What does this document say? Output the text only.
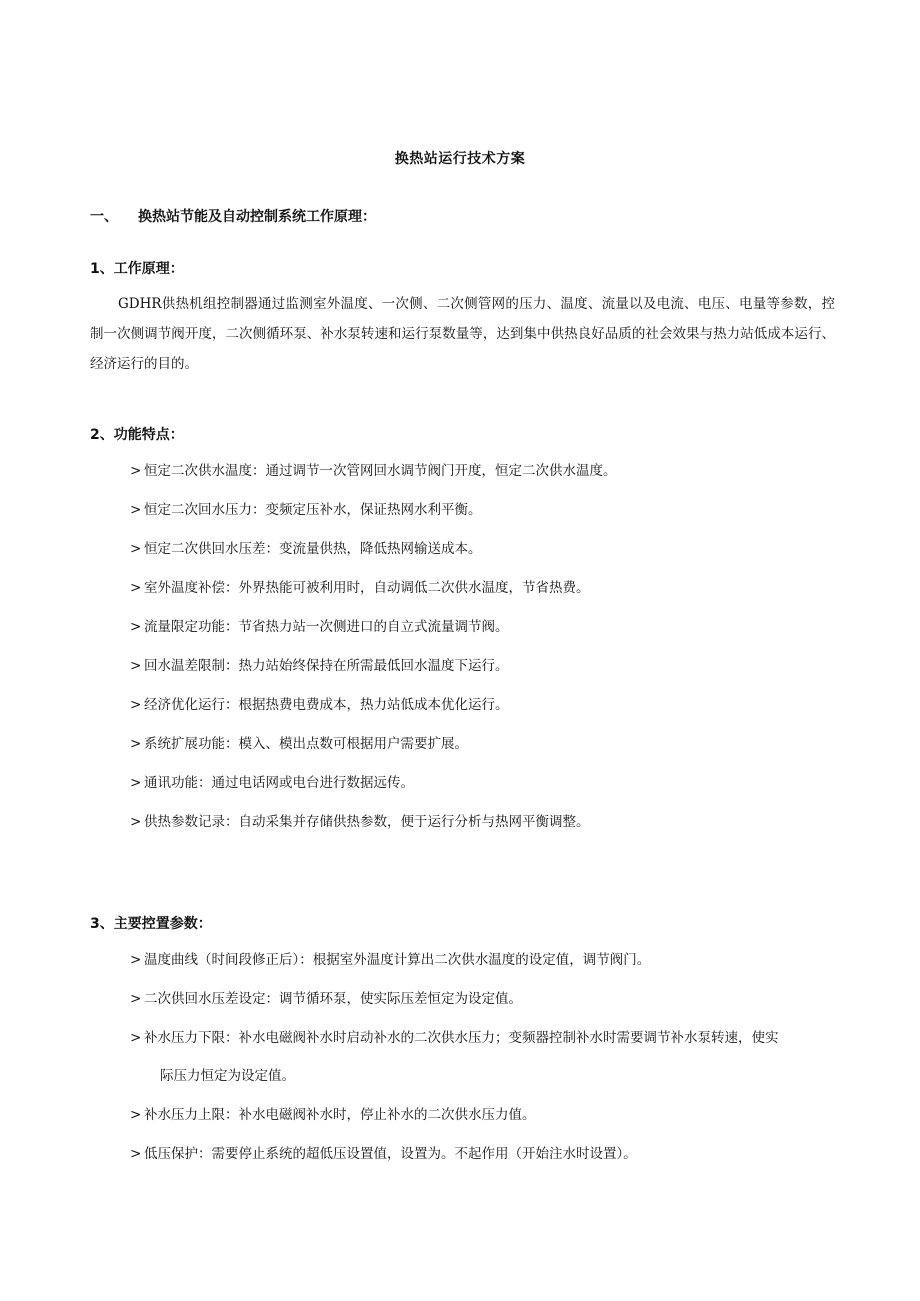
换热站运行技术方案
一、 换热站节能及自动控制系统工作原理：
1、工作原理：
GDHR供热机组控制器通过监测室外温度、一次侧、二次侧管网的压力、温度、流量以及电流、电压、电量等参数，控制一次侧调节阀开度，二次侧循环泵、补水泵转速和运行泵数量等，达到集中供热良好品质的社会效果与热力站低成本运行、经济运行的目的。
2、功能特点：
> 恒定二次供水温度：通过调节一次管网回水调节阀门开度，恒定二次供水温度。
> 恒定二次回水压力：变频定压补水，保证热网水利平衡。
> 恒定二次供回水压差：变流量供热，降低热网输送成本。
> 室外温度补偿：外界热能可被利用时，自动调低二次供水温度，节省热费。
> 流量限定功能：节省热力站一次侧进口的自立式流量调节阀。
> 回水温差限制：热力站始终保持在所需最低回水温度下运行。
> 经济优化运行：根据热费电费成本，热力站低成本优化运行。
> 系统扩展功能：模入、模出点数可根据用户需要扩展。
> 通讯功能：通过电话网或电台进行数据远传。
> 供热参数记录：自动采集并存储供热参数，便于运行分析与热网平衡调整。
3、主要控置参数：
> 温度曲线（时间段修正后）：根据室外温度计算出二次供水温度的设定值，调节阀门。
> 二次供回水压差设定：调节循环泵，使实际压差恒定为设定值。
> 补水压力下限：补水电磁阀补水时启动补水的二次供水压力；变频器控制补水时需要调节补水泵转速，使实
际压力恒定为设定值。
> 补水压力上限：补水电磁阀补水时，停止补水的二次供水压力值。
> 低压保护：需要停止系统的超低压设置值，设置为。不起作用（开始注水时设置）。
